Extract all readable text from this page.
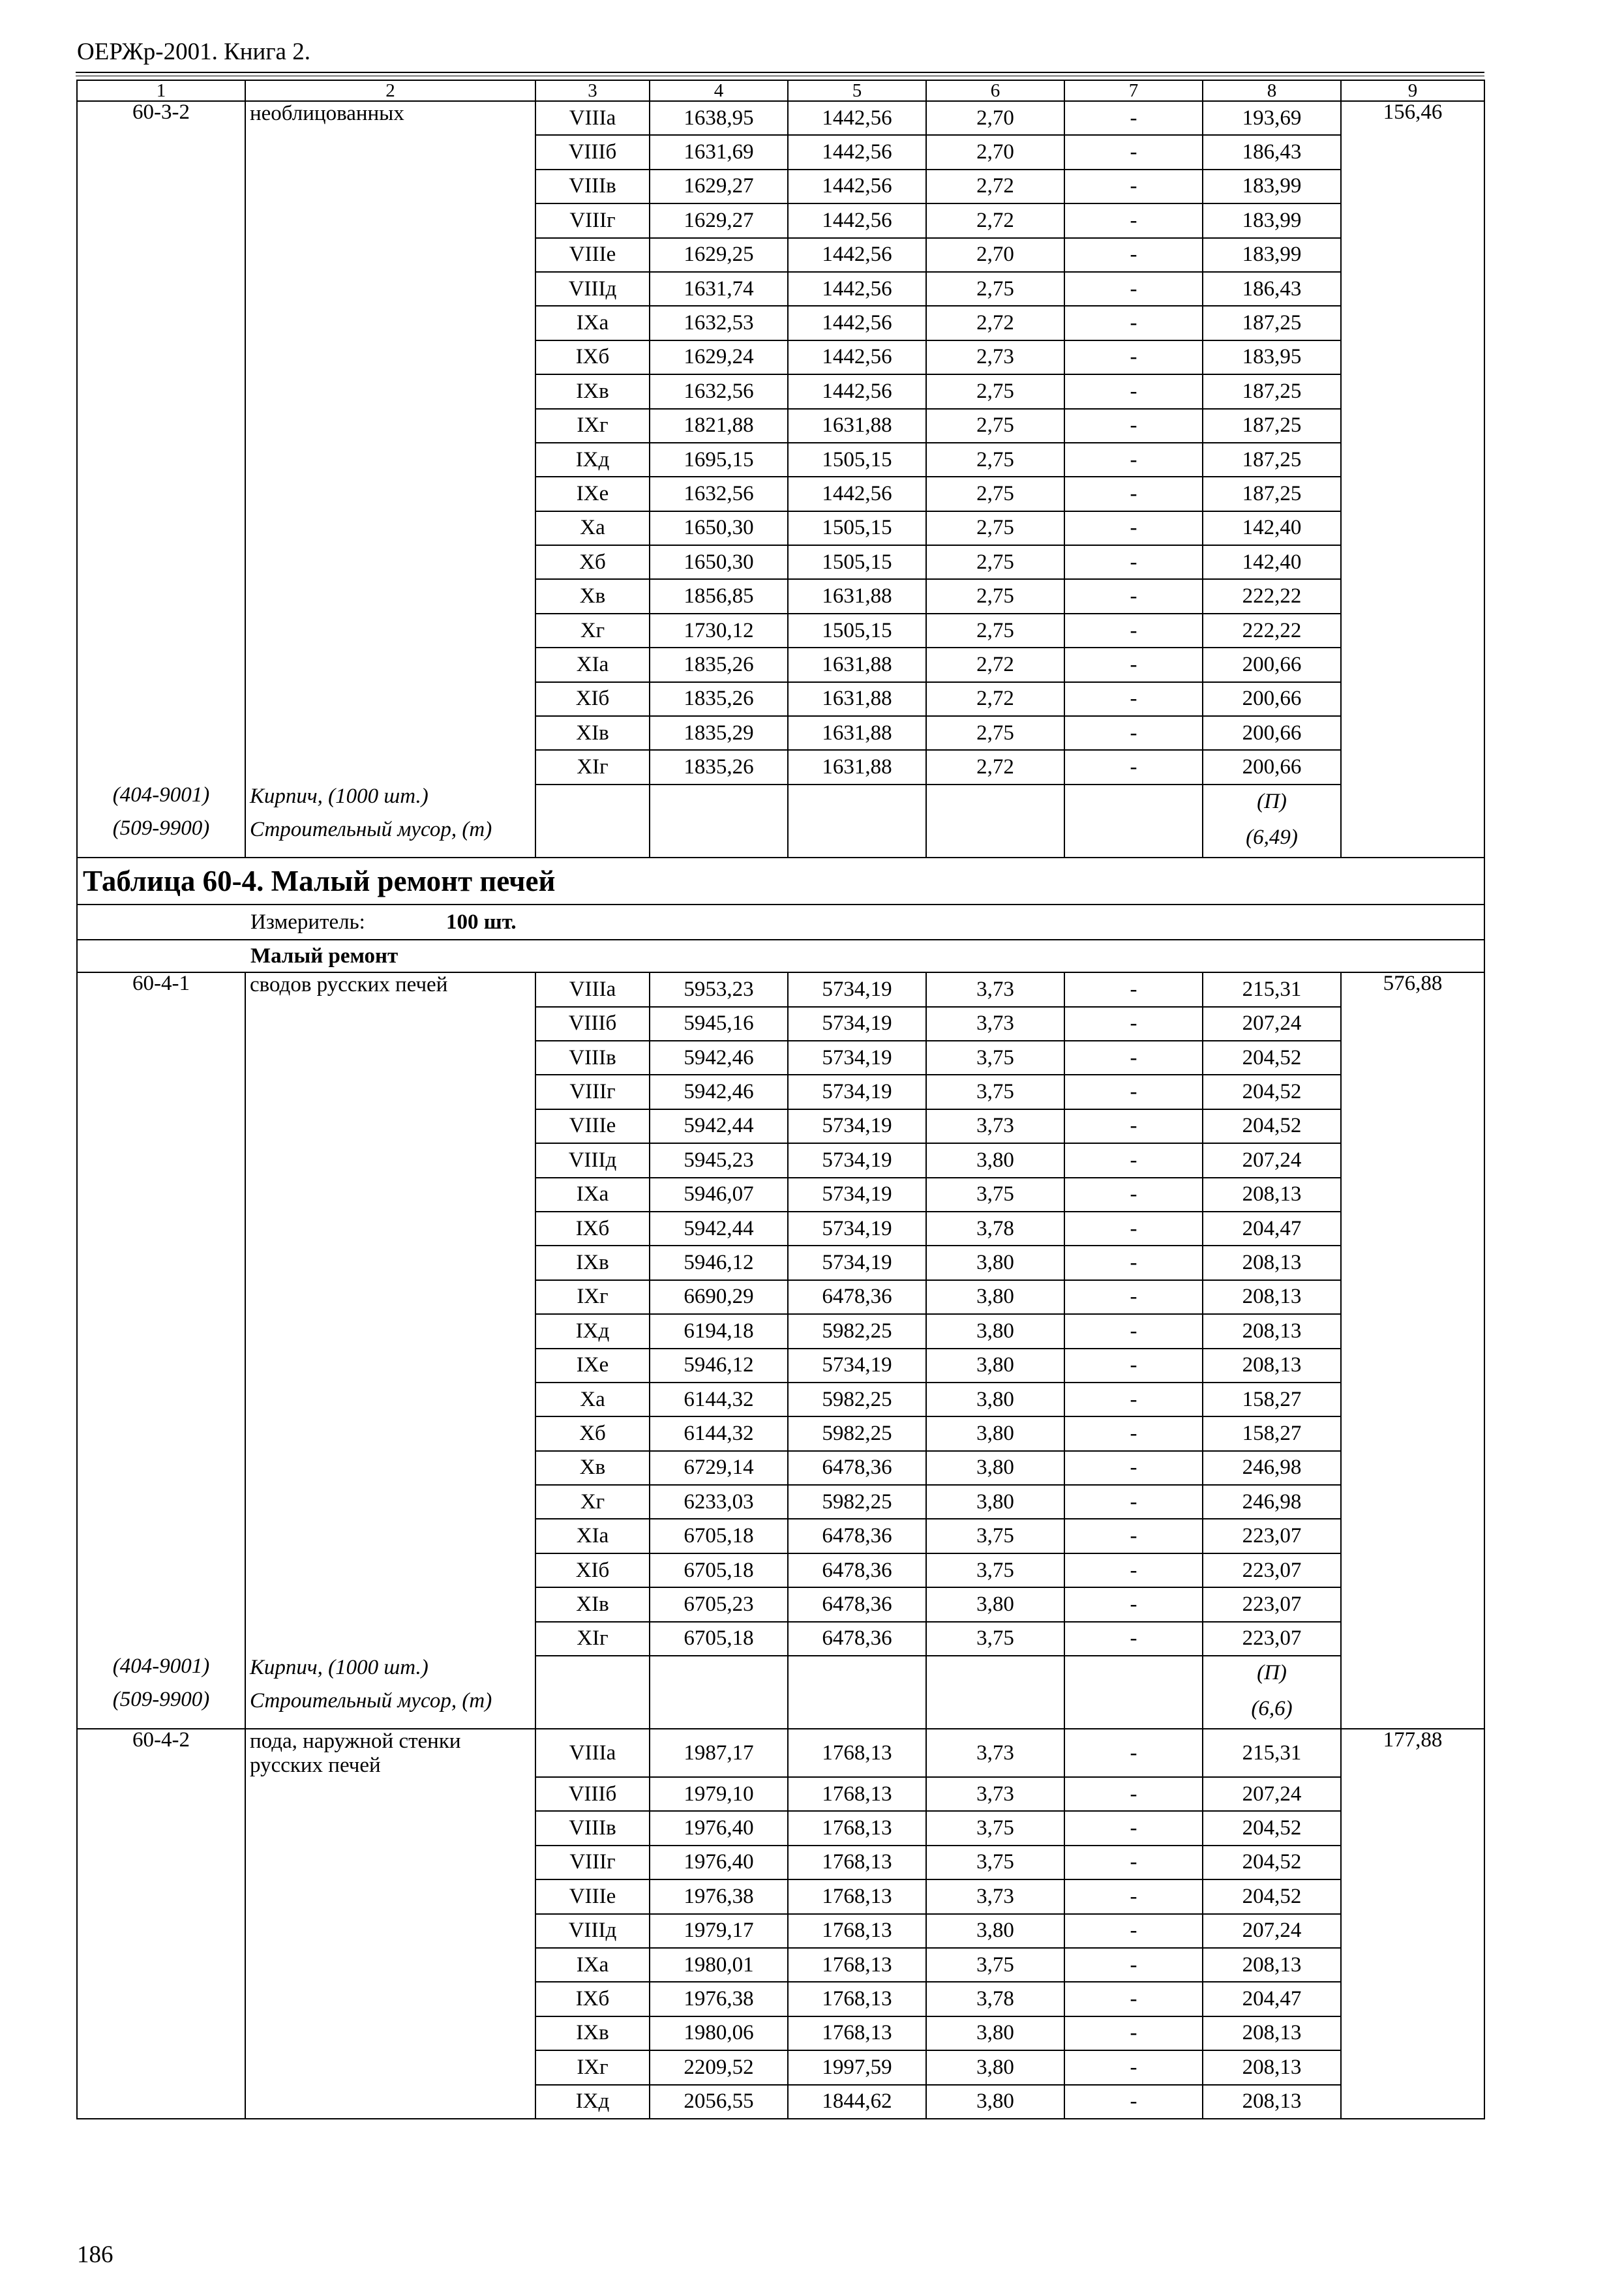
ОЕРЖр-2001. Книга 2.
1	2	3	4	5	6	7	8	9
60-3-2	необлицованных	VIIIа	1638,95	1442,56	2,70	-	193,69	156,46
		VIIIб	1631,69	1442,56	2,70	-	186,43	
		VIIIв	1629,27	1442,56	2,72	-	183,99	
		VIIIг	1629,27	1442,56	2,72	-	183,99	
		VIIIе	1629,25	1442,56	2,70	-	183,99	
		VIIIд	1631,74	1442,56	2,75	-	186,43	
		IXа	1632,53	1442,56	2,72	-	187,25	
		IXб	1629,24	1442,56	2,73	-	183,95	
		IXв	1632,56	1442,56	2,75	-	187,25	
		IXг	1821,88	1631,88	2,75	-	187,25	
		IXд	1695,15	1505,15	2,75	-	187,25	
		IXе	1632,56	1442,56	2,75	-	187,25	
		Xа	1650,30	1505,15	2,75	-	142,40	
		Xб	1650,30	1505,15	2,75	-	142,40	
		Xв	1856,85	1631,88	2,75	-	222,22	
		Xг	1730,12	1505,15	2,75	-	222,22	
		XIа	1835,26	1631,88	2,72	-	200,66	
		XIб	1835,26	1631,88	2,72	-	200,66	
		XIв	1835,29	1631,88	2,75	-	200,66	
		XIг	1835,26	1631,88	2,72	-	200,66	
(404-9001)	Кирпич, (1000 шт.)						(П)	
(509-9900)	Строительный мусор, (т)						(6,49)	
Таблица 60-4. Малый ремонт печей								
Измеритель: 100 шт.								
Малый ремонт								
60-4-1	сводов русских печей	VIIIа	5953,23	5734,19	3,73	-	215,31	576,88
		VIIIб	5945,16	5734,19	3,73	-	207,24	
		VIIIв	5942,46	5734,19	3,75	-	204,52	
		VIIIг	5942,46	5734,19	3,75	-	204,52	
		VIIIе	5942,44	5734,19	3,73	-	204,52	
		VIIIд	5945,23	5734,19	3,80	-	207,24	
		IXа	5946,07	5734,19	3,75	-	208,13	
		IXб	5942,44	5734,19	3,78	-	204,47	
		IXв	5946,12	5734,19	3,80	-	208,13	
		IXг	6690,29	6478,36	3,80	-	208,13	
		IXд	6194,18	5982,25	3,80	-	208,13	
		IXе	5946,12	5734,19	3,80	-	208,13	
		Xа	6144,32	5982,25	3,80	-	158,27	
		Xб	6144,32	5982,25	3,80	-	158,27	
		Xв	6729,14	6478,36	3,80	-	246,98	
		Xг	6233,03	5982,25	3,80	-	246,98	
		XIа	6705,18	6478,36	3,75	-	223,07	
		XIб	6705,18	6478,36	3,75	-	223,07	
		XIв	6705,23	6478,36	3,80	-	223,07	
		XIг	6705,18	6478,36	3,75	-	223,07	
(404-9001)	Кирпич, (1000 шт.)						(П)	
(509-9900)	Строительный мусор, (т)						(6,6)	
60-4-2	пода, наружной стенки русских печей	VIIIа	1987,17	1768,13	3,73	-	215,31	177,88
		VIIIб	1979,10	1768,13	3,73	-	207,24	
		VIIIв	1976,40	1768,13	3,75	-	204,52	
		VIIIг	1976,40	1768,13	3,75	-	204,52	
		VIIIе	1976,38	1768,13	3,73	-	204,52	
		VIIIд	1979,17	1768,13	3,80	-	207,24	
		IXа	1980,01	1768,13	3,75	-	208,13	
		IXб	1976,38	1768,13	3,78	-	204,47	
		IXв	1980,06	1768,13	3,80	-	208,13	
		IXг	2209,52	1997,59	3,80	-	208,13	
		IXд	2056,55	1844,62	3,80	-	208,13	
186
